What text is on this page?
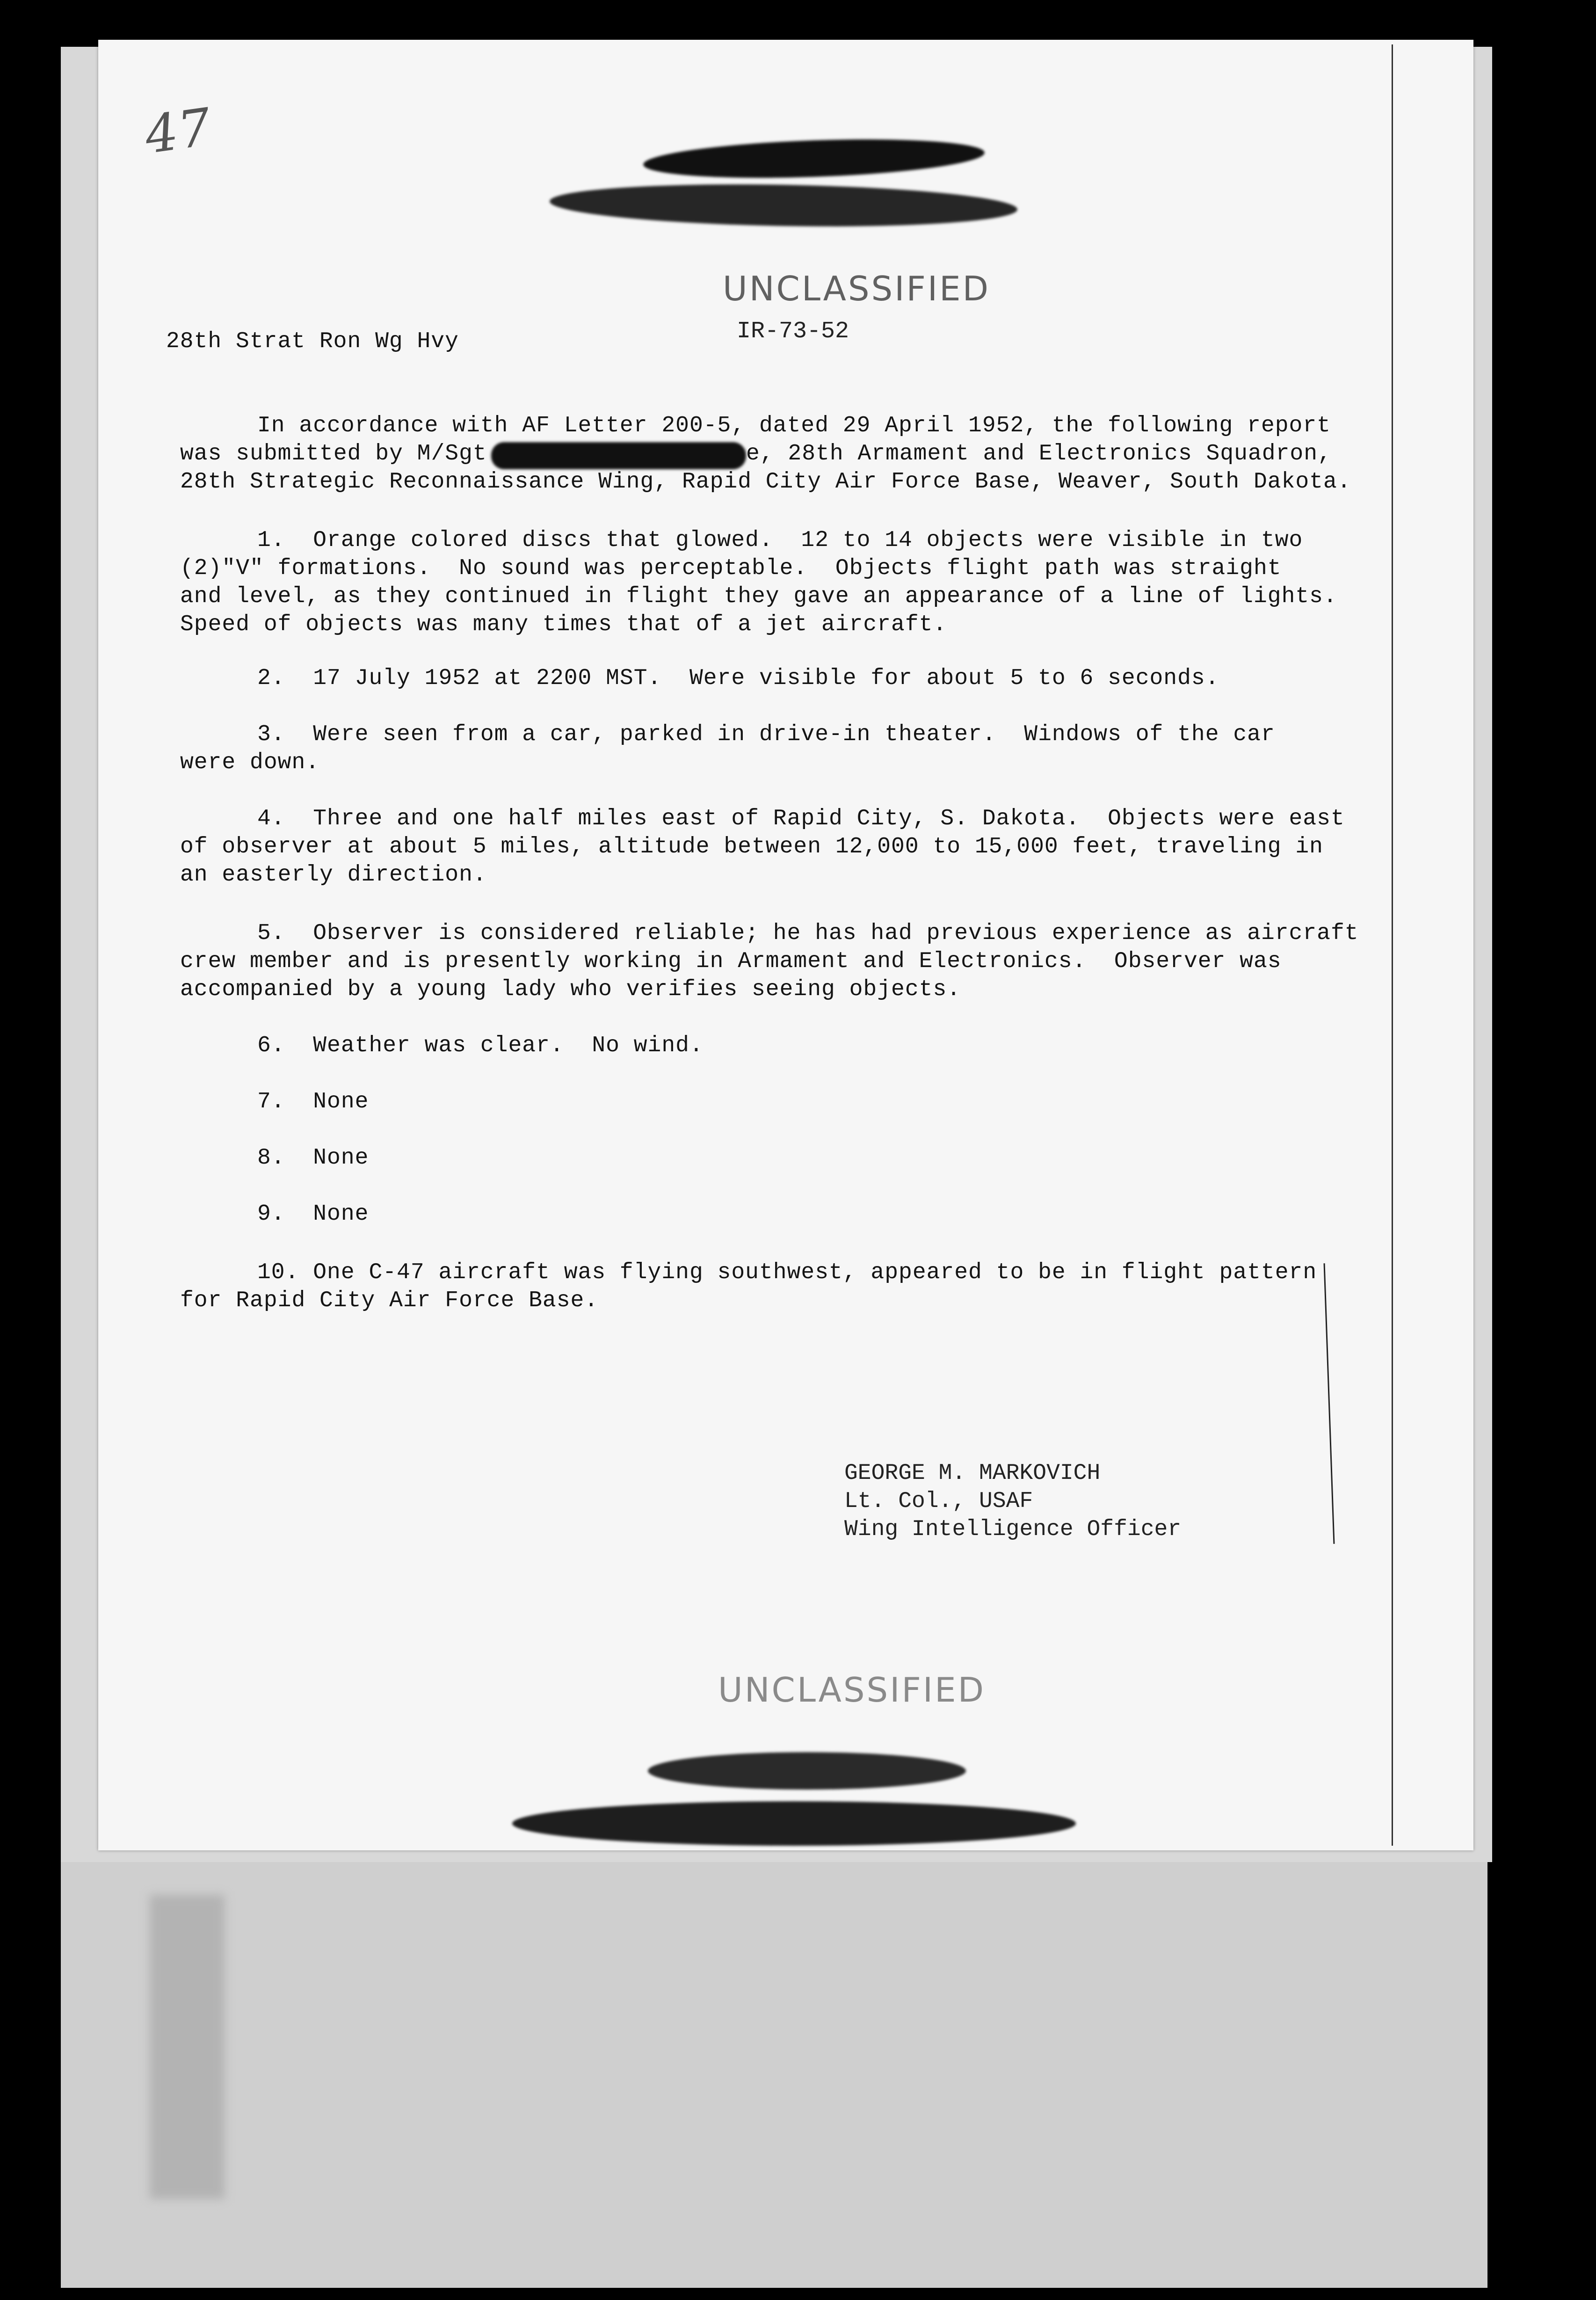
47
UNCLASSIFIED
28th Strat Ron Wg Hvy	IR-73-52
In accordance with AF Letter 200-5, dated 29 April 1952, the following report
was submitted by M/Sgt	e, 28th Armament and Electronics Squadron,
28th Strategic Reconnaissance Wing, Rapid City Air Force Base, Weaver, South Dakota.
1.  Orange colored discs that glowed.  12 to 14 objects were visible in two
(2)"V" formations.  No sound was perceptable.  Objects flight path was straight
and level, as they continued in flight they gave an appearance of a line of lights.
Speed of objects was many times that of a jet aircraft.
2.  17 July 1952 at 2200 MST.  Were visible for about 5 to 6 seconds.
3.  Were seen from a car, parked in drive-in theater.  Windows of the car
were down.
4.  Three and one half miles east of Rapid City, S. Dakota.  Objects were east
of observer at about 5 miles, altitude between 12,000 to 15,000 feet, traveling in
an easterly direction.
5.  Observer is considered reliable; he has had previous experience as aircraft
crew member and is presently working in Armament and Electronics.  Observer was
accompanied by a young lady who verifies seeing objects.
6.  Weather was clear.  No wind.
7.  None
8.  None
9.  None
10. One C-47 aircraft was flying southwest, appeared to be in flight pattern
for Rapid City Air Force Base.
GEORGE M. MARKOVICH
Lt. Col., USAF
Wing Intelligence Officer
UNCLASSIFIED
